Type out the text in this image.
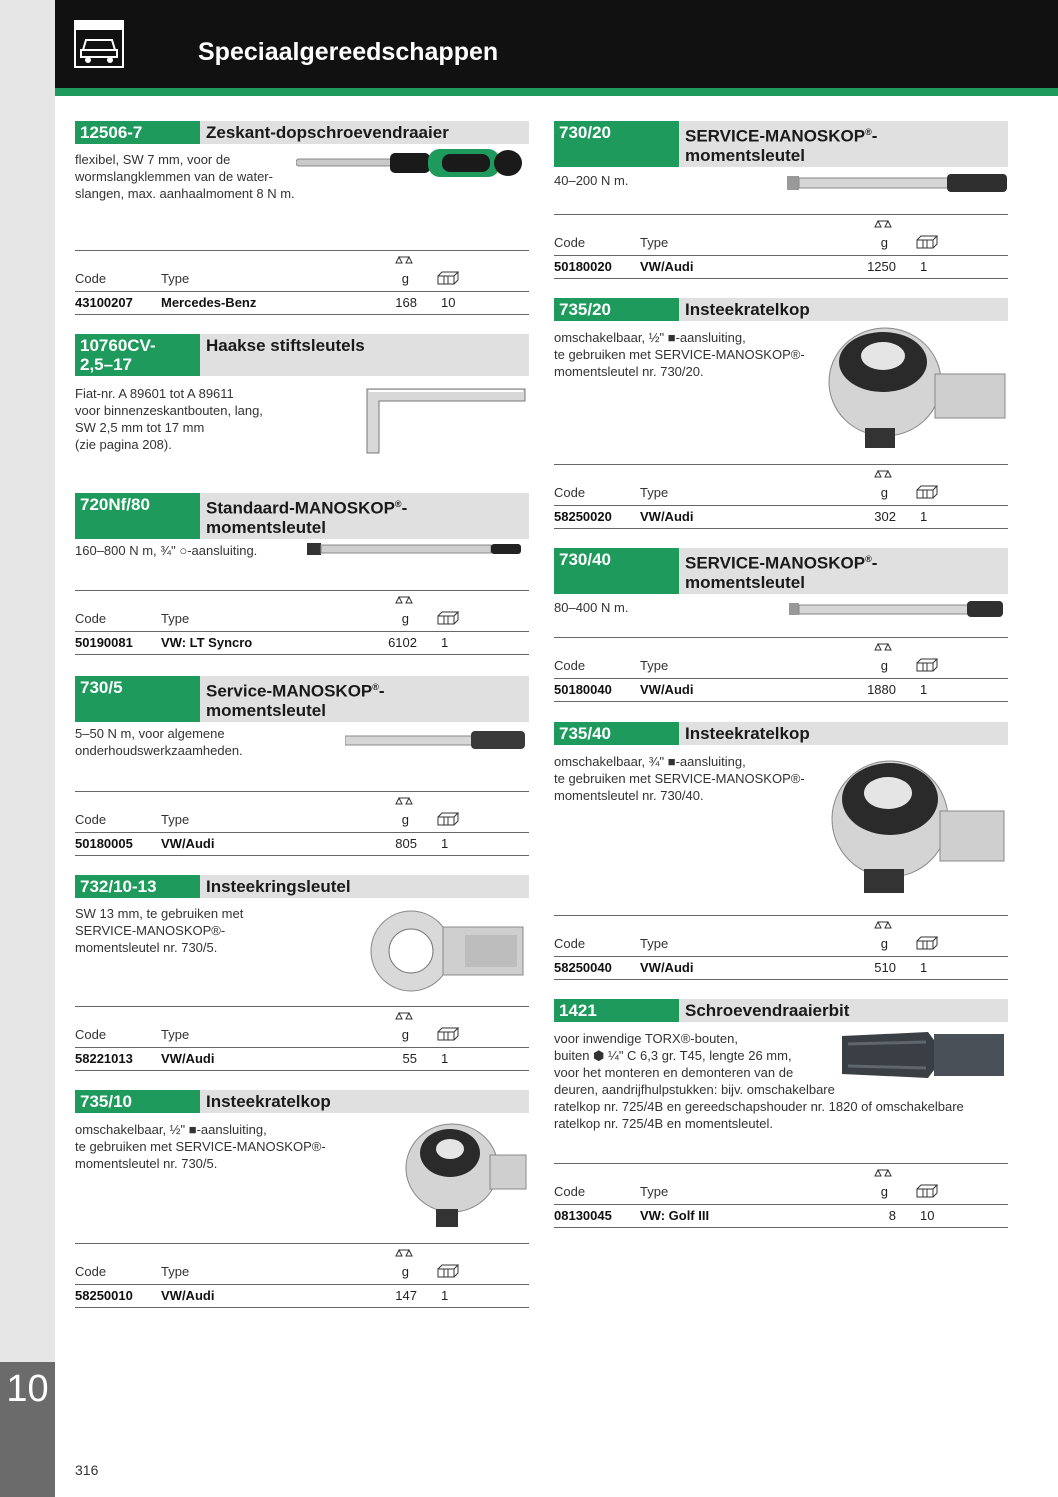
10
Speciaalgereedschappen
12506-7	Zeskant-dopschroevendraaier
flexibel, SW 7 mm, voor de
wormslangklemmen van de water-
slangen, max. aanhaalmoment 8 N m.
Code	Type	g
43100207 Mercedes-Benz	168 10
10760CV-
2,5–17
Haakse stiftsleutels
Fiat-nr. A 89601 tot A 89611
voor binnenzeskantbouten, lang,
SW 2,5 mm tot 17 mm
(zie pagina 208).
720Nf/80	Standaard-MANOSKOP®-
momentsleutel
160–800 N m, ¾" ○-aansluiting.
Code	Type	g
50190081 VW: LT Syncro	6102 1
730/5	Service-MANOSKOP®-
momentsleutel
5–50 N m, voor algemene
onderhoudswerkzaamheden.
Code	Type	g
50180005 VW/Audi	805 1
732/10-13	Insteekringsleutel
SW 13 mm, te gebruiken met
SERVICE-MANOSKOP®-
momentsleutel nr. 730/5.
Code	Type	g
58221013 VW/Audi	55 1
735/10	Insteekratelkop
omschakelbaar, ½" ■-aansluiting,
te gebruiken met SERVICE-MANOSKOP®-
momentsleutel nr. 730/5.
Code	Type	g
58250010 VW/Audi	147 1
730/20	SERVICE-MANOSKOP®-
momentsleutel
40–200 N m.
Code	Type	g
50180020 VW/Audi	1250 1
735/20	Insteekratelkop
omschakelbaar, ½" ■-aansluiting,
te gebruiken met SERVICE-MANOSKOP®-
momentsleutel nr. 730/20.
Code	Type	g
58250020 VW/Audi	302 1
730/40	SERVICE-MANOSKOP®-
momentsleutel
80–400 N m.
Code	Type	g
50180040 VW/Audi	1880 1
735/40	Insteekratelkop
omschakelbaar, ¾" ■-aansluiting,
te gebruiken met SERVICE-MANOSKOP®-
momentsleutel nr. 730/40.
Code	Type	g
58250040 VW/Audi	510 1
1421	Schroevendraaierbit
voor inwendige TORX®-bouten,
buiten ⬢ ¼" C 6,3 gr. T45, lengte 26 mm,
voor het monteren en demonteren van de
deuren, aandrijfhulpstukken: bijv. omschakelbare
ratelkop nr. 725/4B en gereedschapshouder nr. 1820 of omschakelbare
ratelkop nr. 725/4B en momentsleutel.
Code	Type	g
08130045 VW: Golf III	8 10
316
